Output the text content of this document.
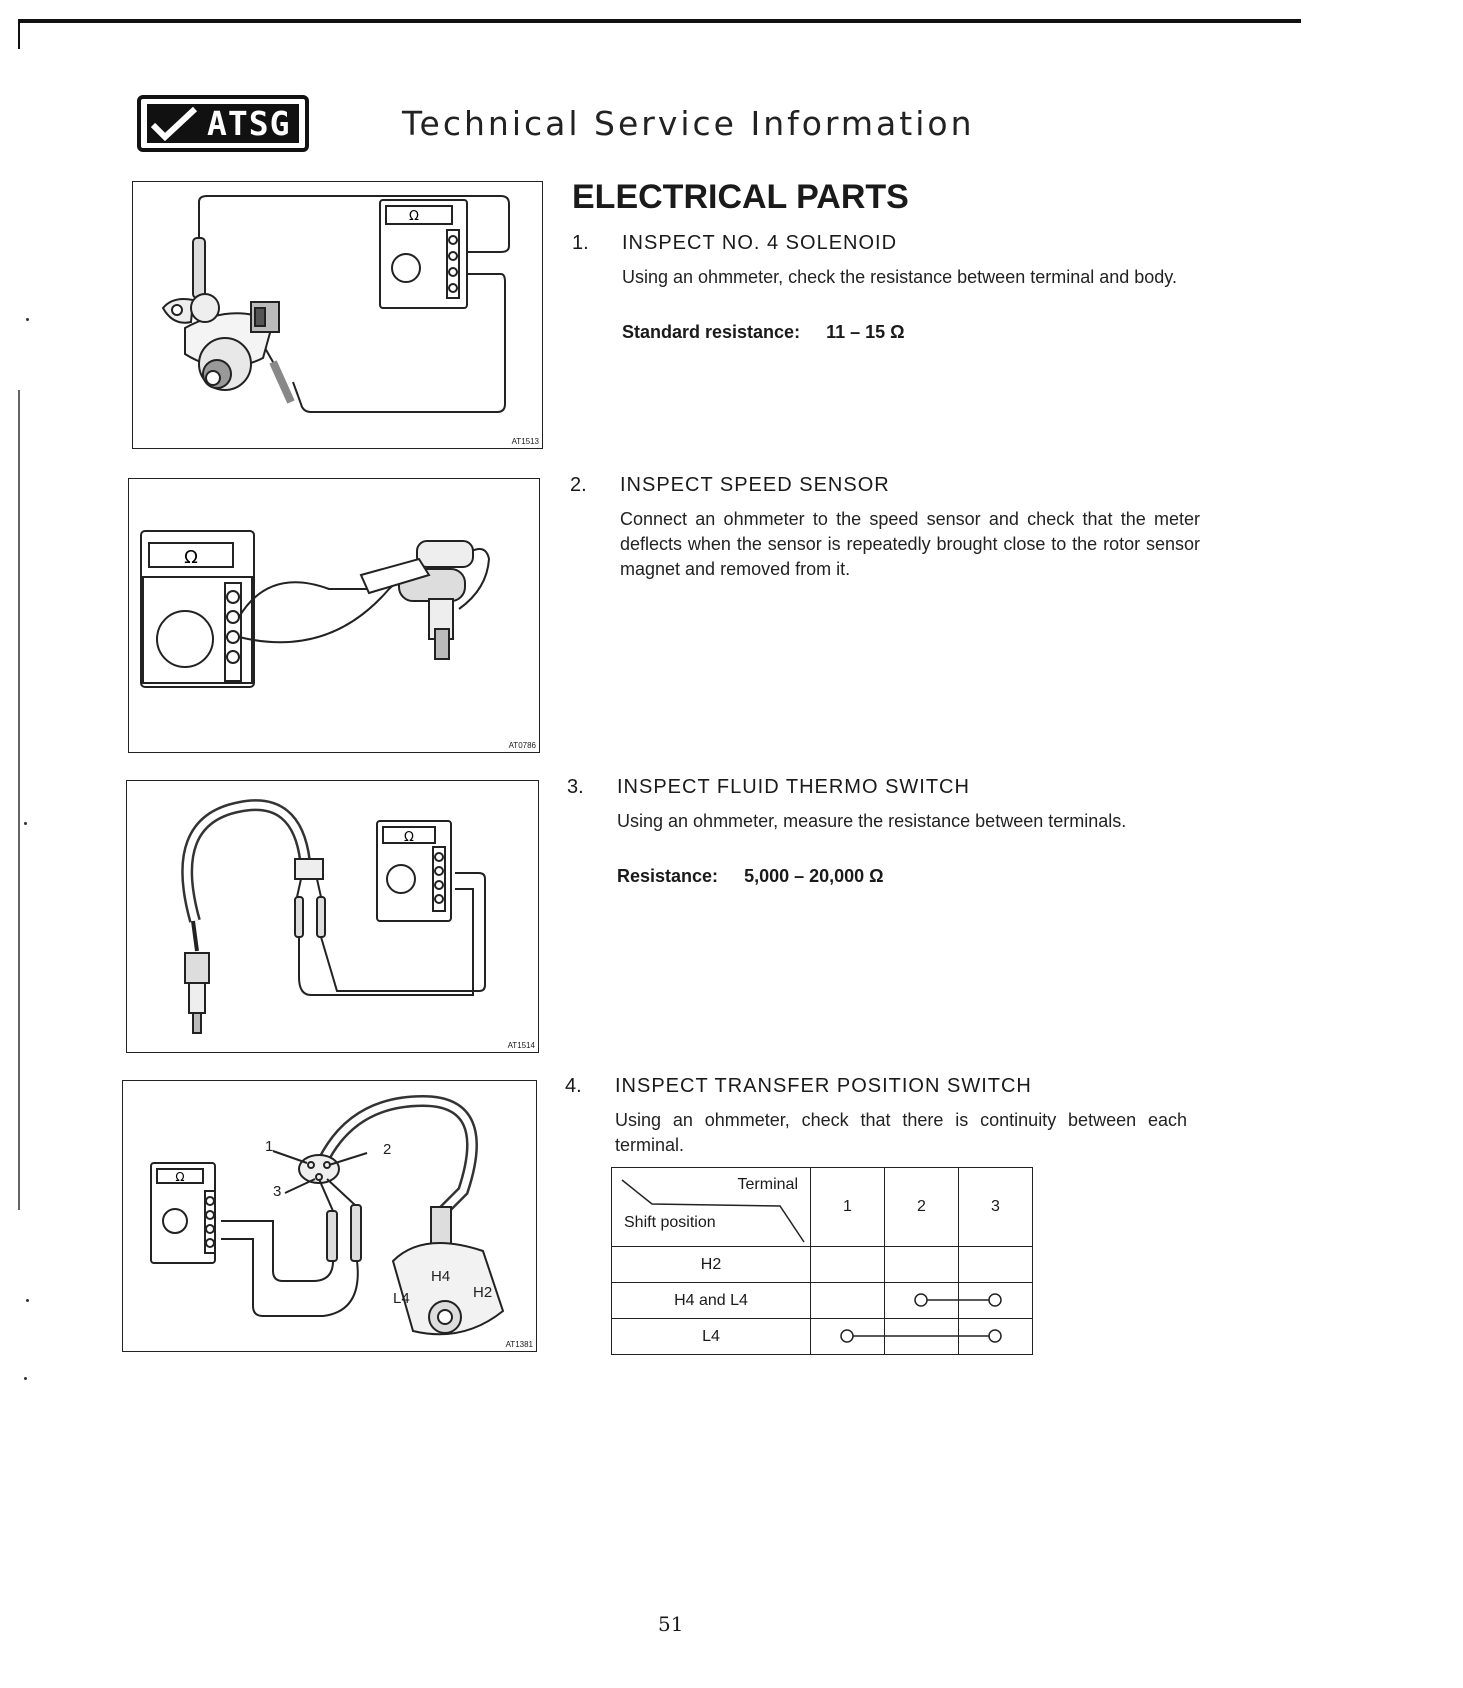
ATSG	Technical Service Information
ELECTRICAL PARTS
Ω
AT1513
Ω
AT0786
Ω
AT1514
Ω
1	2
3
H4
H2
L4
AT1381
1. INSPECT NO. 4 SOLENOID
Using an ohmmeter, check the resistance between terminal and body.
Standard resistance: 11 – 15 Ω
2. INSPECT SPEED SENSOR
Connect an ohmmeter to the speed sensor and check that the meter deflects when the sensor is repeatedly brought close to the rotor sensor magnet and removed from it.
3. INSPECT FLUID THERMO SWITCH
Using an ohmmeter, measure the resistance between terminals.
Resistance: 5,000 – 20,000 Ω
4. INSPECT TRANSFER POSITION SWITCH
Using an ohmmeter, check that there is continuity between each terminal.
Terminal
Shift position	1	2	3
H2			
H4 and L4		

L4	

51
